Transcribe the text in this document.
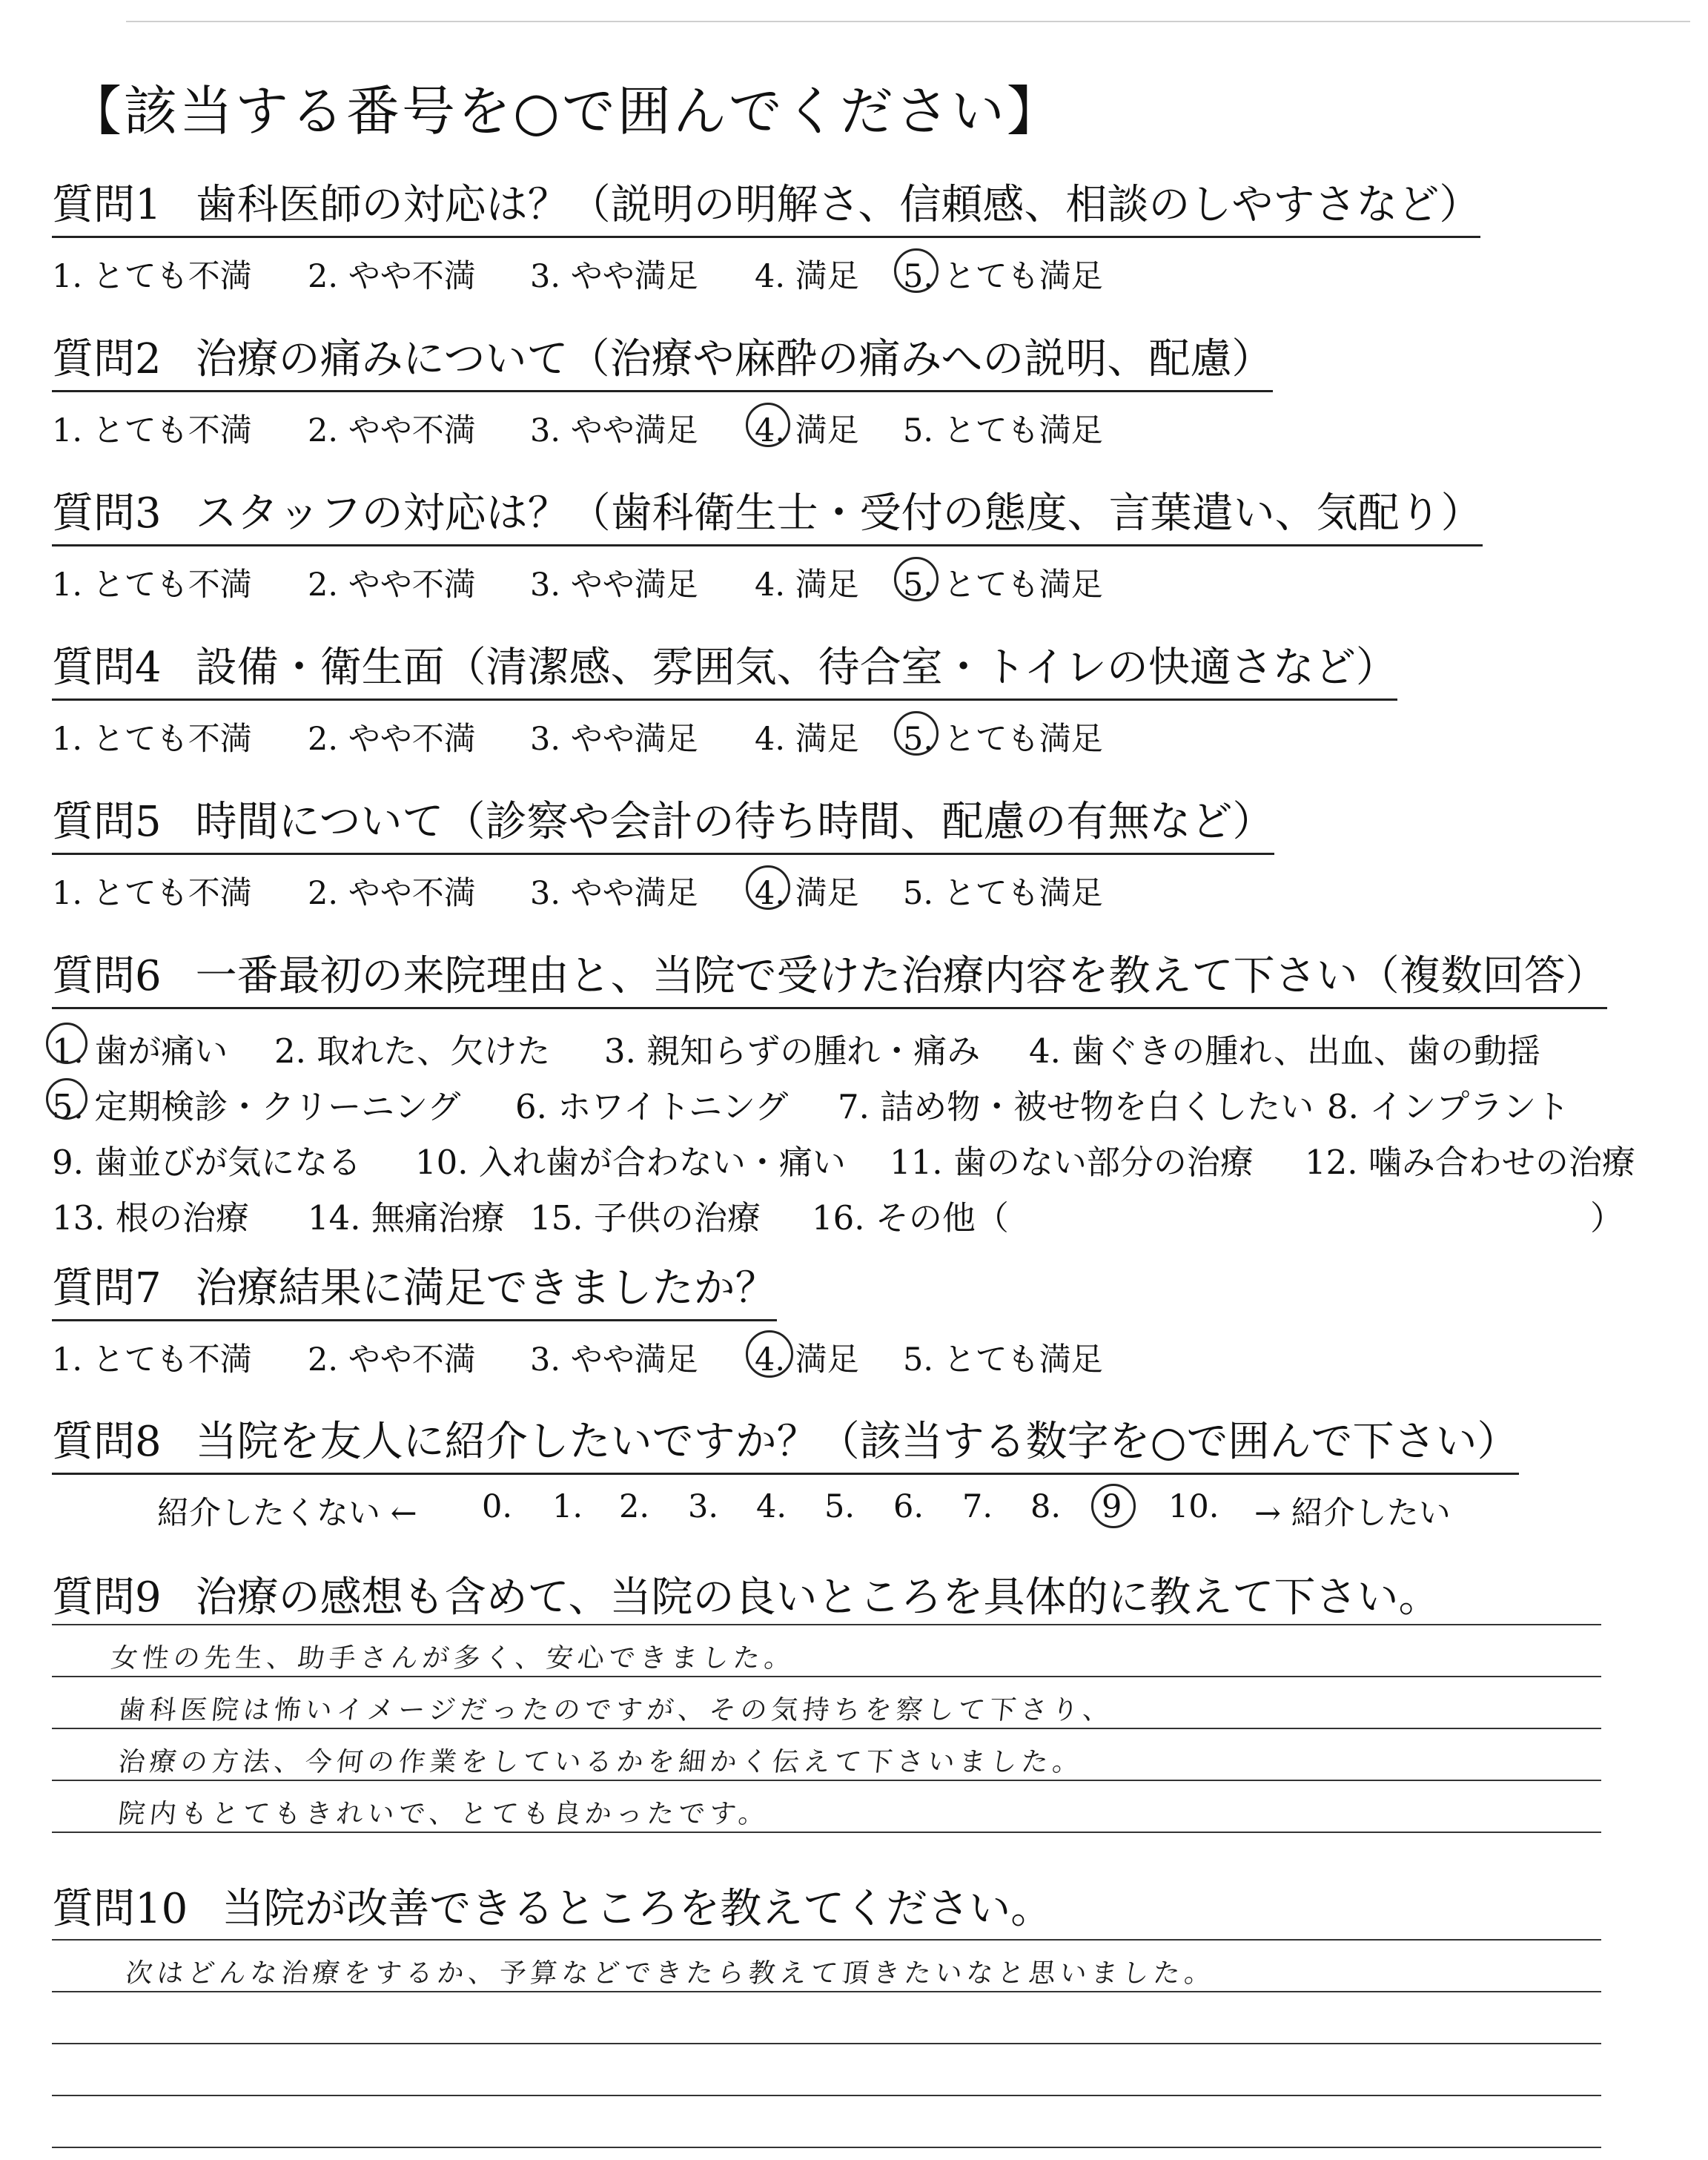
【該当する番号を○で囲んでください】
質問1 歯科医師の対応は？（説明の明解さ、信頼感、相談のしやすさなど）
1. とても不満 2. やや不満 3. やや満足 4. 満足 5. とても満足
質問2 治療の痛みについて（治療や麻酔の痛みへの説明、配慮）
1. とても不満 2. やや不満 3. やや満足 4. 満足 5. とても満足
質問3 スタッフの対応は？（歯科衛生士・受付の態度、言葉遣い、気配り）
1. とても不満 2. やや不満 3. やや満足 4. 満足 5. とても満足
質問4 設備・衛生面（清潔感、雰囲気、待合室・トイレの快適さなど）
1. とても不満 2. やや不満 3. やや満足 4. 満足 5. とても満足
質問5 時間について（診察や会計の待ち時間、配慮の有無など）
1. とても不満 2. やや不満 3. やや満足 4. 満足 5. とても満足
質問6 一番最初の来院理由と、当院で受けた治療内容を教えて下さい（複数回答）
1. 歯が痛い 2. 取れた、欠けた 3. 親知らずの腫れ・痛み 4. 歯ぐきの腫れ、出血、歯の動揺
5. 定期検診・クリーニング 6. ホワイトニング 7. 詰め物・被せ物を白くしたい 8. インプラント
9. 歯並びが気になる 10. 入れ歯が合わない・痛い 11. 歯のない部分の治療 12. 噛み合わせの治療
13. 根の治療 14. 無痛治療 15. 子供の治療 16. その他（	）
質問7 治療結果に満足できましたか？
1. とても不満 2. やや不満 3. やや満足 4. 満足 5. とても満足
質問8 当院を友人に紹介したいですか？（該当する数字を○で囲んで下さい）
紹介したくない ← 0. 1. 2. 3. 4. 5. 6. 7. 8. 9 10. → 紹介したい
質問9 治療の感想も含めて、当院の良いところを具体的に教えて下さい。
女性の先生、助手さんが多く、安心できました。
歯科医院は怖いイメージだったのですが、その気持ちを察して下さり、
治療の方法、今何の作業をしているかを細かく伝えて下さいました。
院内もとてもきれいで、とても良かったです。
質問10 当院が改善できるところを教えてください。
次はどんな治療をするか、予算などできたら教えて頂きたいなと思いました。
